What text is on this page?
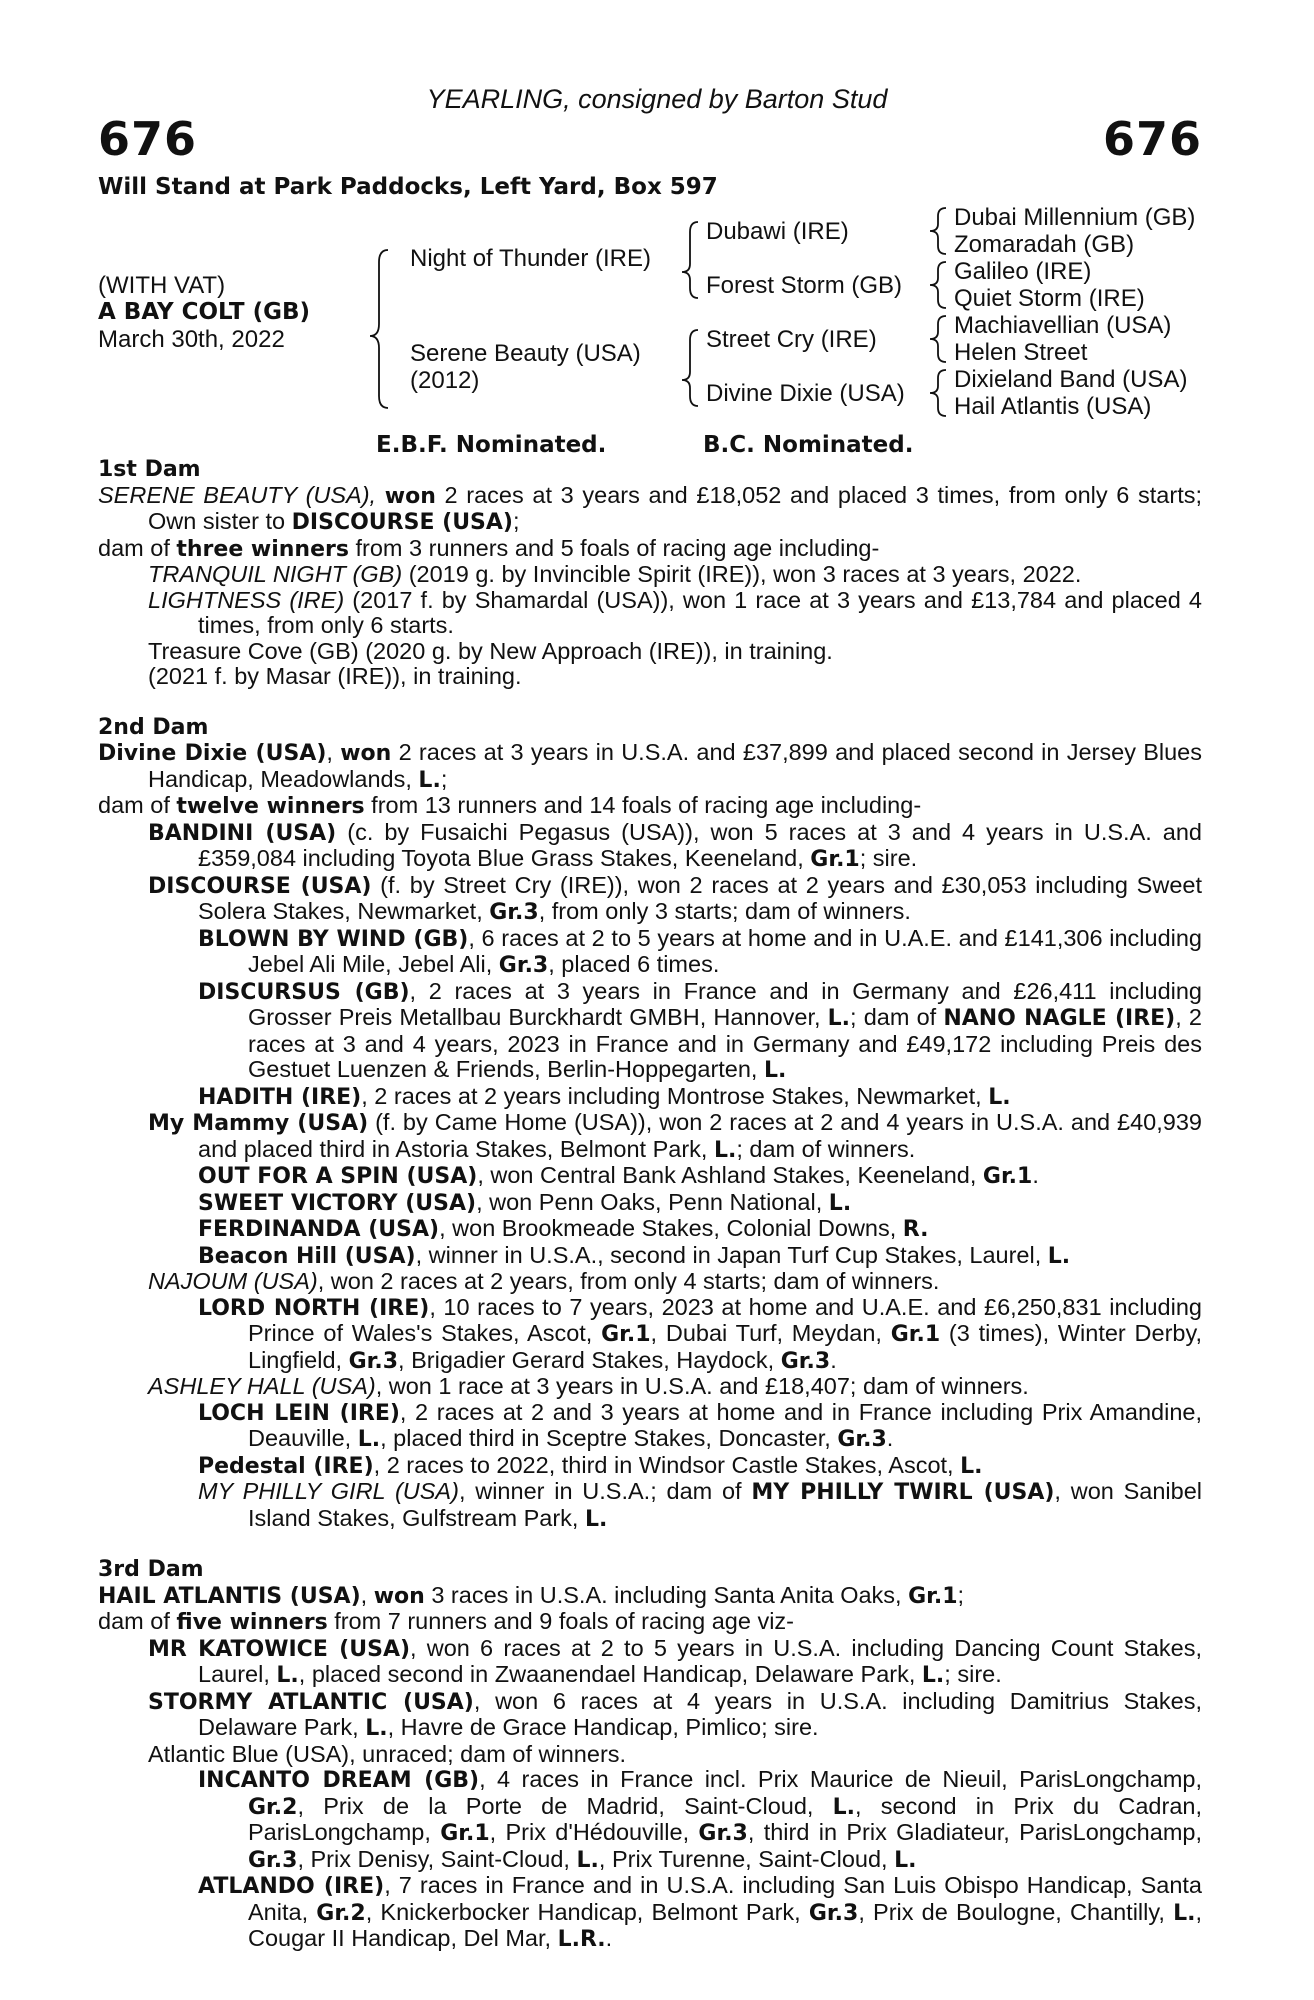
YEARLING, consigned by Barton Stud
676	676
Will Stand at Park Paddocks, Left Yard, Box 597
(WITH VAT)
A BAY COLT (GB)
March 30th, 2022
Night of Thunder (IRE)
Serene Beauty (USA)
(2012)
Dubawi (IRE)
Forest Storm (GB)
Street Cry (IRE)
Divine Dixie (USA)
Dubai Millennium (GB)
Zomaradah (GB)
Galileo (IRE)
Quiet Storm (IRE)
Machiavellian (USA)
Helen Street
Dixieland Band (USA)
Hail Atlantis (USA)
E.B.F. Nominated.	B.C. Nominated.
1st Dam
SERENE BEAUTY (USA), won 2 races at 3 years and £18,052 and placed 3 times, from only 6 starts; Own sister to DISCOURSE (USA);
dam of three winners from 3 runners and 5 foals of racing age including-
TRANQUIL NIGHT (GB) (2019 g. by Invincible Spirit (IRE)), won 3 races at 3 years, 2022.
LIGHTNESS (IRE) (2017 f. by Shamardal (USA)), won 1 race at 3 years and £13,784 and placed 4 times, from only 6 starts.
Treasure Cove (GB) (2020 g. by New Approach (IRE)), in training.
(2021 f. by Masar (IRE)), in training.
2nd Dam
Divine Dixie (USA), won 2 races at 3 years in U.S.A. and £37,899 and placed second in Jersey Blues Handicap, Meadowlands, L.;
dam of twelve winners from 13 runners and 14 foals of racing age including-
BANDINI (USA) (c. by Fusaichi Pegasus (USA)), won 5 races at 3 and 4 years in U.S.A. and £359,084 including Toyota Blue Grass Stakes, Keeneland, Gr.1; sire.
DISCOURSE (USA) (f. by Street Cry (IRE)), won 2 races at 2 years and £30,053 including Sweet Solera Stakes, Newmarket, Gr.3, from only 3 starts; dam of winners.
BLOWN BY WIND (GB), 6 races at 2 to 5 years at home and in U.A.E. and £141,306 including Jebel Ali Mile, Jebel Ali, Gr.3, placed 6 times.
DISCURSUS (GB), 2 races at 3 years in France and in Germany and £26,411 including Grosser Preis Metallbau Burckhardt GMBH, Hannover, L.; dam of NANO NAGLE (IRE), 2 races at 3 and 4 years, 2023 in France and in Germany and £49,172 including Preis des Gestuet Luenzen & Friends, Berlin-Hoppegarten, L.
HADITH (IRE), 2 races at 2 years including Montrose Stakes, Newmarket, L.
My Mammy (USA) (f. by Came Home (USA)), won 2 races at 2 and 4 years in U.S.A. and £40,939 and placed third in Astoria Stakes, Belmont Park, L.; dam of winners.
OUT FOR A SPIN (USA), won Central Bank Ashland Stakes, Keeneland, Gr.1.
SWEET VICTORY (USA), won Penn Oaks, Penn National, L.
FERDINANDA (USA), won Brookmeade Stakes, Colonial Downs, R.
Beacon Hill (USA), winner in U.S.A., second in Japan Turf Cup Stakes, Laurel, L.
NAJOUM (USA), won 2 races at 2 years, from only 4 starts; dam of winners.
LORD NORTH (IRE), 10 races to 7 years, 2023 at home and U.A.E. and £6,250,831 including Prince of Wales's Stakes, Ascot, Gr.1, Dubai Turf, Meydan, Gr.1 (3 times), Winter Derby, Lingfield, Gr.3, Brigadier Gerard Stakes, Haydock, Gr.3.
ASHLEY HALL (USA), won 1 race at 3 years in U.S.A. and £18,407; dam of winners.
LOCH LEIN (IRE), 2 races at 2 and 3 years at home and in France including Prix Amandine, Deauville, L., placed third in Sceptre Stakes, Doncaster, Gr.3.
Pedestal (IRE), 2 races to 2022, third in Windsor Castle Stakes, Ascot, L.
MY PHILLY GIRL (USA), winner in U.S.A.; dam of MY PHILLY TWIRL (USA), won Sanibel Island Stakes, Gulfstream Park, L.
3rd Dam
HAIL ATLANTIS (USA), won 3 races in U.S.A. including Santa Anita Oaks, Gr.1;
dam of five winners from 7 runners and 9 foals of racing age viz-
MR KATOWICE (USA), won 6 races at 2 to 5 years in U.S.A. including Dancing Count Stakes, Laurel, L., placed second in Zwaanendael Handicap, Delaware Park, L.; sire.
STORMY ATLANTIC (USA), won 6 races at 4 years in U.S.A. including Damitrius Stakes, Delaware Park, L., Havre de Grace Handicap, Pimlico; sire.
Atlantic Blue (USA), unraced; dam of winners.
INCANTO DREAM (GB), 4 races in France incl. Prix Maurice de Nieuil, ParisLongchamp, Gr.2, Prix de la Porte de Madrid, Saint-Cloud, L., second in Prix du Cadran, ParisLongchamp, Gr.1, Prix d'Hédouville, Gr.3, third in Prix Gladiateur, ParisLongchamp, Gr.3, Prix Denisy, Saint-Cloud, L., Prix Turenne, Saint-Cloud, L.
ATLANDO (IRE), 7 races in France and in U.S.A. including San Luis Obispo Handicap, Santa Anita, Gr.2, Knickerbocker Handicap, Belmont Park, Gr.3, Prix de Boulogne, Chantilly, L., Cougar II Handicap, Del Mar, L.R..
